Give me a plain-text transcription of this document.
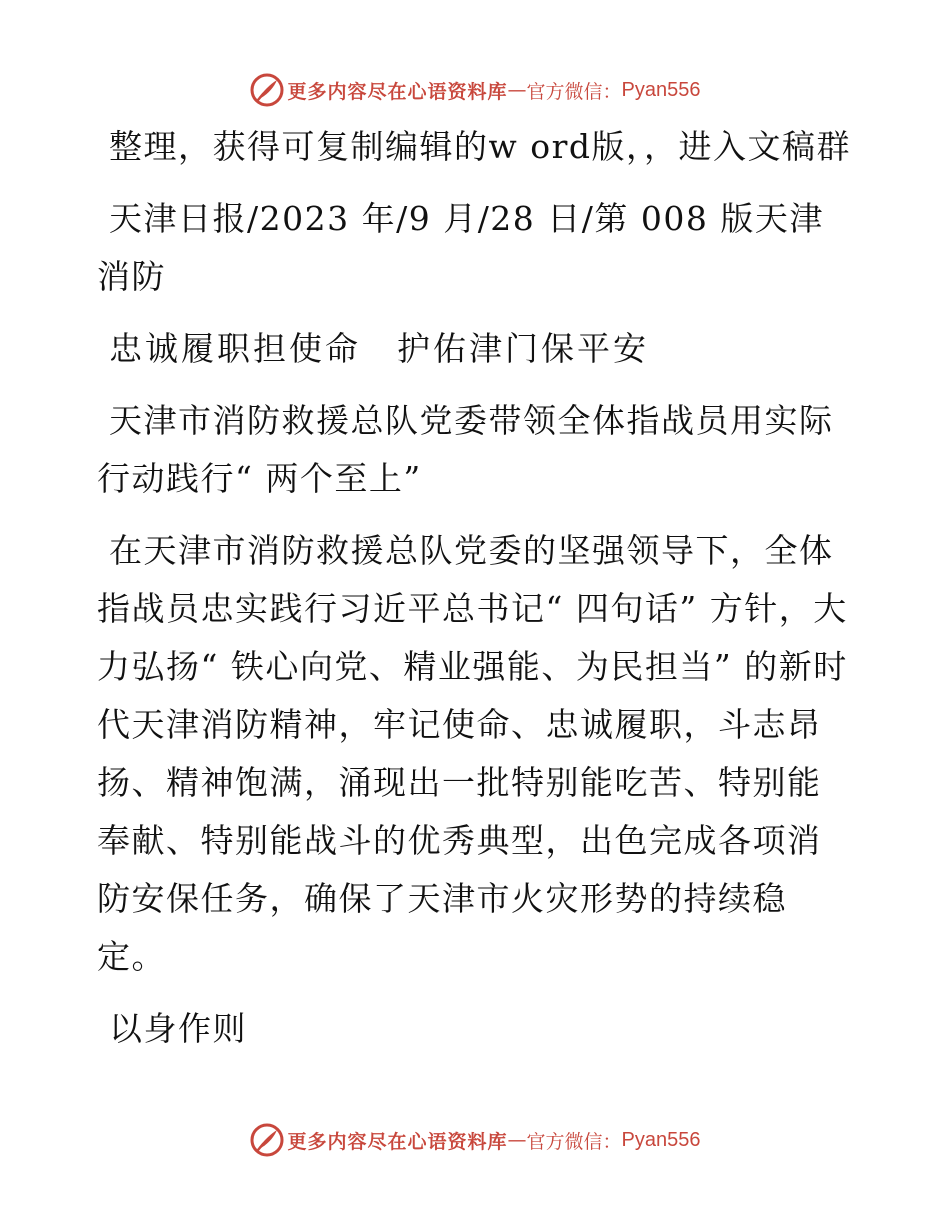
更多内容尽在心语资料库 — 官方微信： Pyan556

整理，获得可复制编辑的w ord版，，进入文稿群

天津日报/2023 年/9 月/28 日/第 008 版天津消防

忠诚履职担使命　护佑津门保平安

天津市消防救援总队党委带领全体指战员用实际行动践行“ 两个至上”

在天津市消防救援总队党委的坚强领导下，全体指战员忠实践行习近平总书记“ 四句话” 方针，大力弘扬“ 铁心向党、精业强能、为民担当” 的新时代天津消防精神，牢记使命、忠诚履职，斗志昂扬、精神饱满，涌现出一批特别能吃苦、特别能奉献、特别能战斗的优秀典型，出色完成各项消防安保任务，确保了天津市火灾形势的持续稳定。

以身作则

更多内容尽在心语资料库 — 官方微信： Pyan556
